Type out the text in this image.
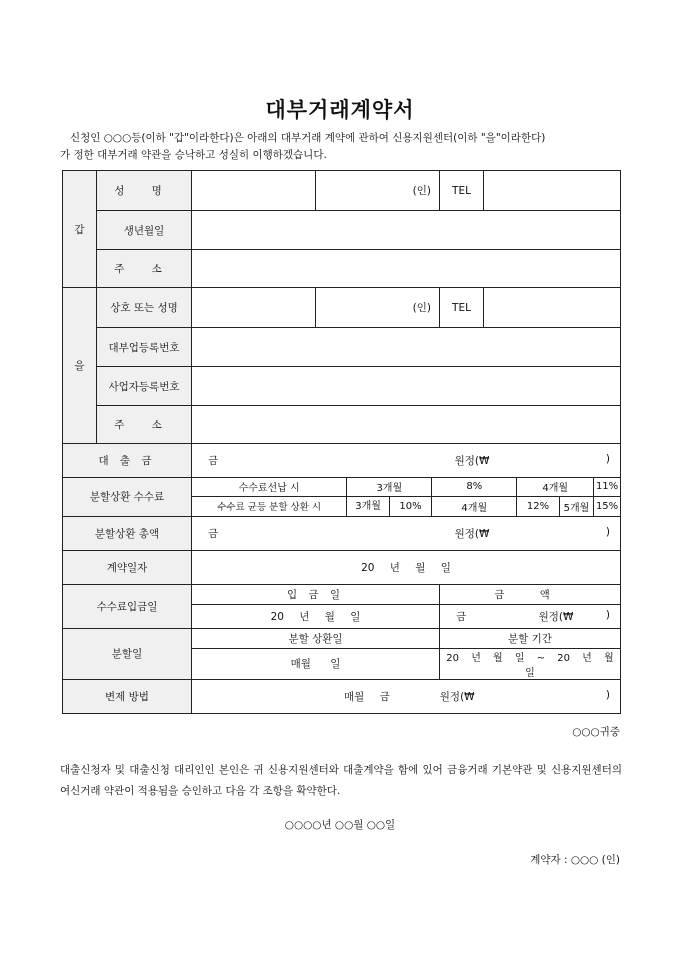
대부거래계약서
신청인 ○○○등(이하 "갑"이라한다)은 아래의 대부거래 계약에 관하여 신용지원센터(이하 "을"이라한다)
가 정한 대부거래 약관을 승낙하고 성실히 이행하겠습니다.
갑	성 명		(인)	TEL	
생년월일	
주 소	
을	상호 또는 성명		(인)	TEL	
대부업등록번호	
사업자등록번호	
주 소	
대 출 금	금	원정(₩	)

분할상환 수수료	
수수료선납 시	3개월	8%	4개월	11%
수수료 균등 분할 상환 시	3개월	10%	4개월	12%	5개월	15%

분할상환 총액	금	원정(₩	)

계약일자	20 년 월 일
수수료입금일	입 금 일	금 액
20 년 월 일	금	원정(₩	)

분할일	분할 상환일	분할 기간
매월 일	20 년 월 일 ~ 20 년 월 일
변제 방법	매월 금	원정(₩	)
○○○귀중
대출신청자 및 대출신청 대리인인 본인은 귀 신용지원센터와 대출계약을 함에 있어 금융거래 기본약관 및 신용지원센터의 여신거래 약관이 적용됨을 승인하고 다음 각 조항을 확약한다.
○○○○년 ○○월 ○○일
계약자 : ○○○ (인)
